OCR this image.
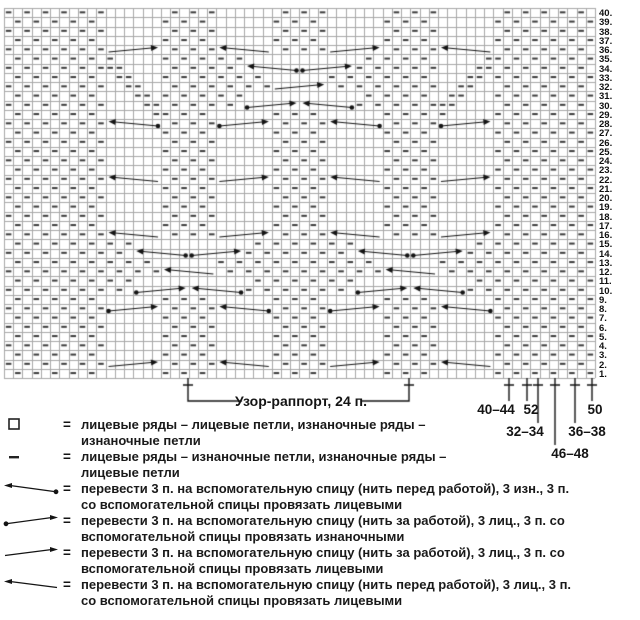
40.
39.
38.
37.
36.
35.
34.
33.
32.
31.
30.
29.
28.
27.
26.
25.
24.
23.
22.
21.
20.
19.
18.
17.
16.
15.
14.
13.
12.
11.
10.
9.
8.
7.
6.
5.
4.
3.
2.
1.
Узор-раппорт, 24 п.
40–44 52
32–34
46–48
36–38
50
= лицевые ряды – лицевые петли, изнаночные ряды –
изнаночные петли
= лицевые ряды – изнаночные петли, изнаночные ряды –
лицевые петли
= перевести 3 п. на вспомогательную спицу (нить перед работой), 3 изн., 3 п.
со вспомогательной спицы провязать лицевыми
= перевести 3 п. на вспомогательную спицу (нить за работой), 3 лиц., 3 п. со
вспомогательной спицы провязать изнаночными
= перевести 3 п. на вспомогательную спицу (нить за работой), 3 лиц., 3 п. со
вспомогательной спицы провязать лицевыми
= перевести 3 п. на вспомогательную спицу (нить перед работой), 3 лиц., 3 п.
со вспомогательной спицы провязать лицевыми
